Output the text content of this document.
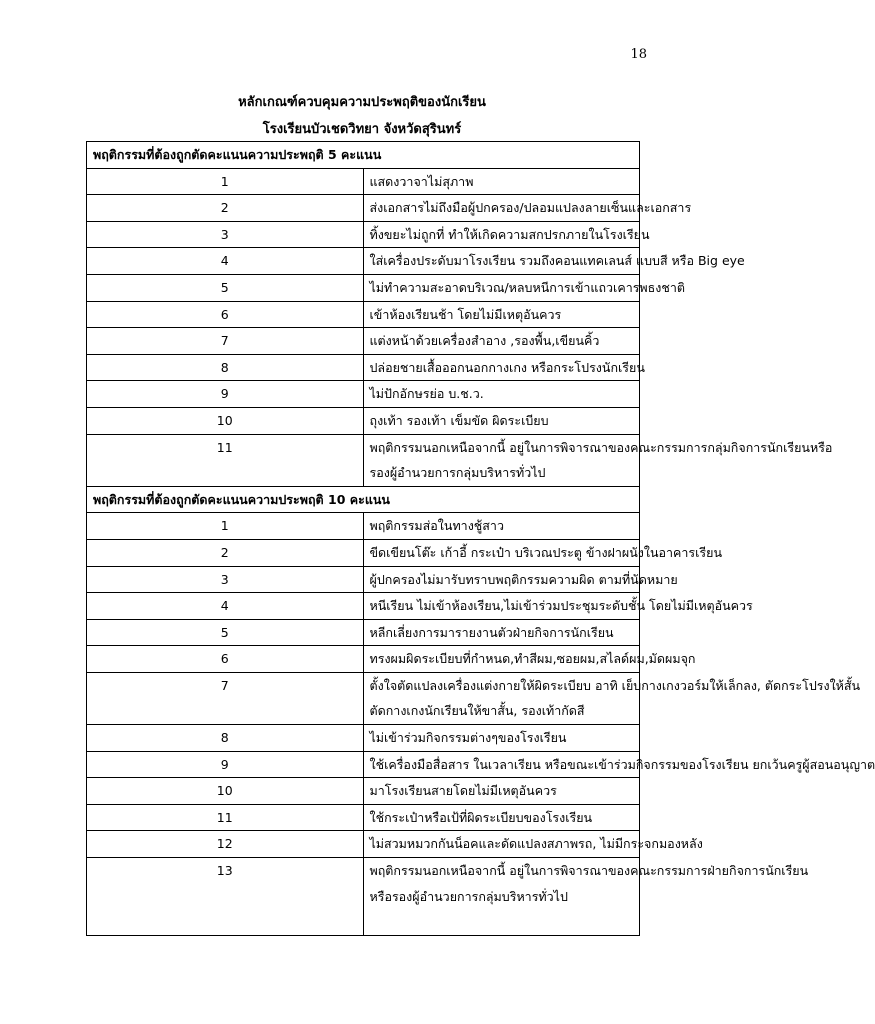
18
หลักเกณฑ์ควบคุมความประพฤติของนักเรียน
โรงเรียนบัวเชดวิทยา จังหวัดสุรินทร์
พฤติกรรมที่ต้องถูกตัดคะแนนความประพฤติ 5 คะแนน	
1	แสดงวาจาไม่สุภาพ

2	ส่งเอกสารไม่ถึงมือผู้ปกครอง/ปลอมแปลงลายเซ็นและเอกสาร

3	ทิ้งขยะไม่ถูกที่ ทำให้เกิดความสกปรกภายในโรงเรียน

4	ใส่เครื่องประดับมาโรงเรียน รวมถึงคอนแทคเลนส์ แบบสี หรือ Big eye

5	ไม่ทำความสะอาดบริเวณ/หลบหนีการเข้าแถวเคารพธงชาติ

6	เข้าห้องเรียนช้า โดยไม่มีเหตุอันควร

7	แต่งหน้าด้วยเครื่องสำอาง ,รองพื้น,เขียนคิ้ว

8	ปล่อยชายเสื้อออกนอกกางเกง หรือกระโปรงนักเรียน

9	ไม่ปักอักษรย่อ บ.ช.ว.

10	ถุงเท้า รองเท้า เข็มขัด ผิดระเบียบ

11	พฤติกรรมนอกเหนือจากนี้ อยู่ในการพิจารณาของคณะกรรมการกลุ่มกิจการนักเรียนหรือ
รองผู้อำนวยการกลุ่มบริหารทั่วไป

พฤติกรรมที่ต้องถูกตัดคะแนนความประพฤติ 10 คะแนน	
1	พฤติกรรมส่อในทางชู้สาว

2	ขีดเขียนโต๊ะ เก้าอี้ กระเป๋า บริเวณประตู ข้างฝาผนังในอาคารเรียน

3	ผู้ปกครองไม่มารับทราบพฤติกรรมความผิด ตามที่นัดหมาย

4	หนีเรียน ไม่เข้าห้องเรียน,ไม่เข้าร่วมประชุมระดับชั้น โดยไม่มีเหตุอันควร

5	หลีกเลี่ยงการมารายงานตัวฝ่ายกิจการนักเรียน

6	ทรงผมผิดระเบียบที่กำหนด,ทำสีผม,ซอยผม,สไลด์ผม,มัดผมจุก

7	ตั้งใจตัดแปลงเครื่องแต่งกายให้ผิดระเบียบ อาทิ เย็บกางเกงวอร์มให้เล็กลง, ตัดกระโปรงให้สั้น
ตัดกางเกงนักเรียนให้ขาสั้น, รองเท้ากัดสี

8	ไม่เข้าร่วมกิจกรรมต่างๆของโรงเรียน

9	ใช้เครื่องมือสื่อสาร ในเวลาเรียน หรือขณะเข้าร่วมกิจกรรมของโรงเรียน ยกเว้นครูผู้สอนอนุญาต

10	มาโรงเรียนสายโดยไม่มีเหตุอันควร

11	ใช้กระเป๋าหรือเป้ที่ผิดระเบียบของโรงเรียน

12	ไม่สวมหมวกกันน็อคและดัดแปลงสภาพรถ, ไม่มีกระจกมองหลัง

13	พฤติกรรมนอกเหนือจากนี้ อยู่ในการพิจารณาของคณะกรรมการฝ่ายกิจการนักเรียน
หรือรองผู้อำนวยการกลุ่มบริหารทั่วไป
